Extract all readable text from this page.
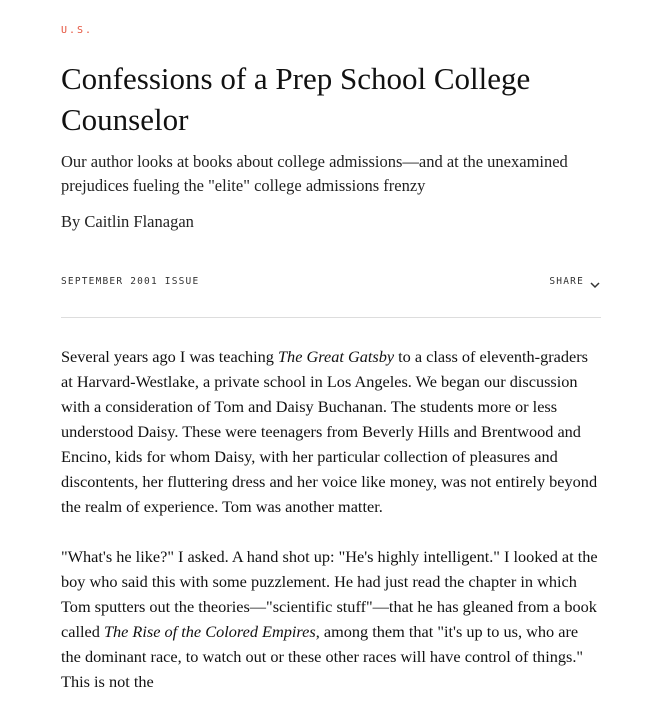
U.S.
Confessions of a Prep School College Counselor

Our author looks at books about college admissions—and at the unexamined prejudices fueling the "elite" college admissions frenzy

By Caitlin Flanagan
SEPTEMBER 2001 ISSUE	SHARE

Several years ago I was teaching The Great Gatsby to a class of eleventh-graders at Harvard-Westlake, a private school in Los Angeles. We began our discussion with a consideration of Tom and Daisy Buchanan. The students more or less understood Daisy. These were teenagers from Beverly Hills and Brentwood and Encino, kids for whom Daisy, with her particular collection of pleasures and discontents, her fluttering dress and her voice like money, was not entirely beyond the realm of experience. Tom was another matter.

"What's he like?" I asked. A hand shot up: "He's highly intelligent." I looked at the boy who said this with some puzzlement. He had just read the chapter in which Tom sputters out the theories—"scientific stuff"—that he has gleaned from a book called The Rise of the Colored Empires, among them that "it's up to us, who are the dominant race, to watch out or these other races will have control of things." This is not the
